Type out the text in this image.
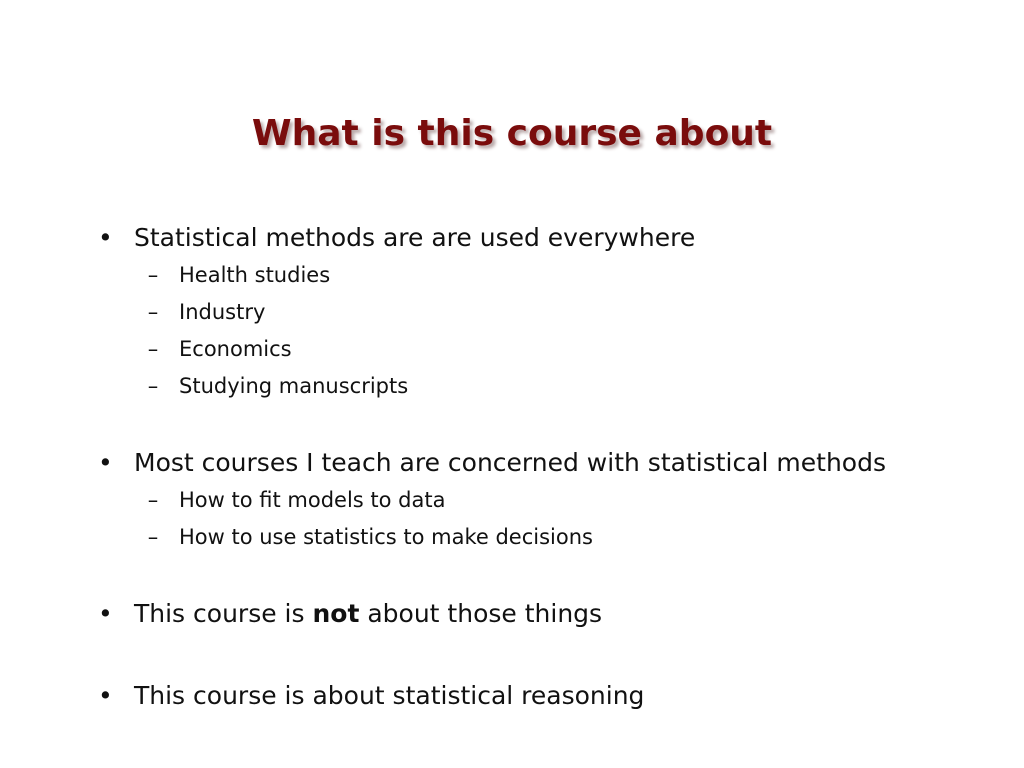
What is this course about
• Statistical methods are are used everywhere
– Health studies
– Industry
– Economics
– Studying manuscripts
• Most courses I teach are concerned with statistical methods
– How to fit models to data
– How to use statistics to make decisions
• This course is not about those things
• This course is about statistical reasoning
